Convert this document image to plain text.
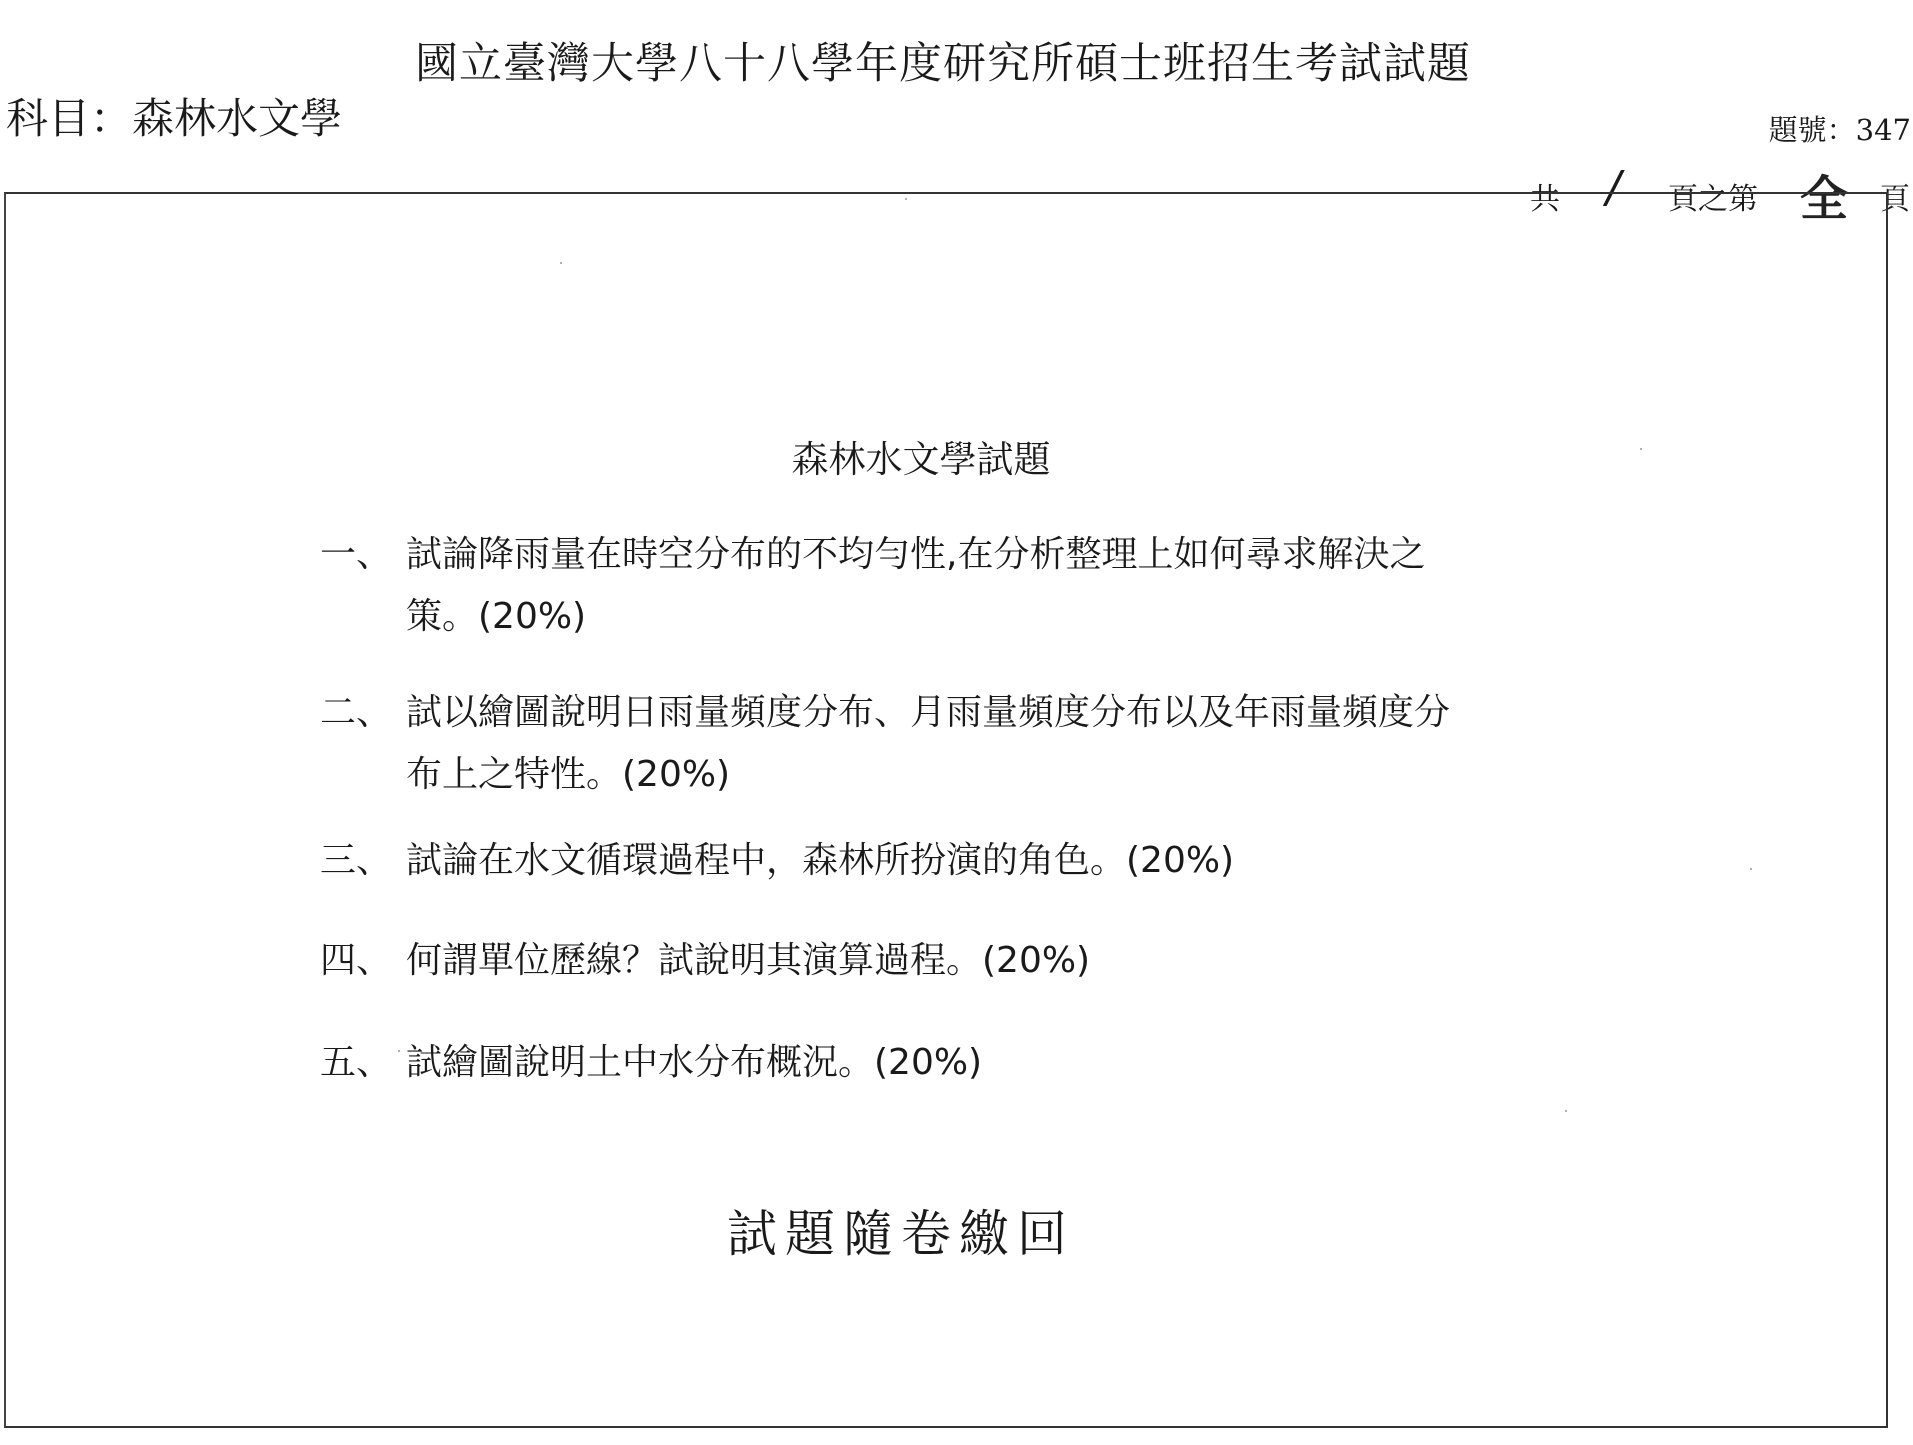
國立臺灣大學八十八學年度研究所碩士班招生考試試題
科目：森林水文學	題號：347
共 / 頁之第 全 頁
森林水文學試題
一、 試論降雨量在時空分布的不均勻性,在分析整理上如何尋求解決之策。(20%)
二、 試以繪圖說明日雨量頻度分布、月雨量頻度分布以及年雨量頻度分布上之特性。(20%)
三、 試論在水文循環過程中，森林所扮演的角色。(20%)
四、 何謂單位歷線？試說明其演算過程。(20%)
五、 試繪圖說明土中水分布概況。(20%)
試題隨卷繳回
